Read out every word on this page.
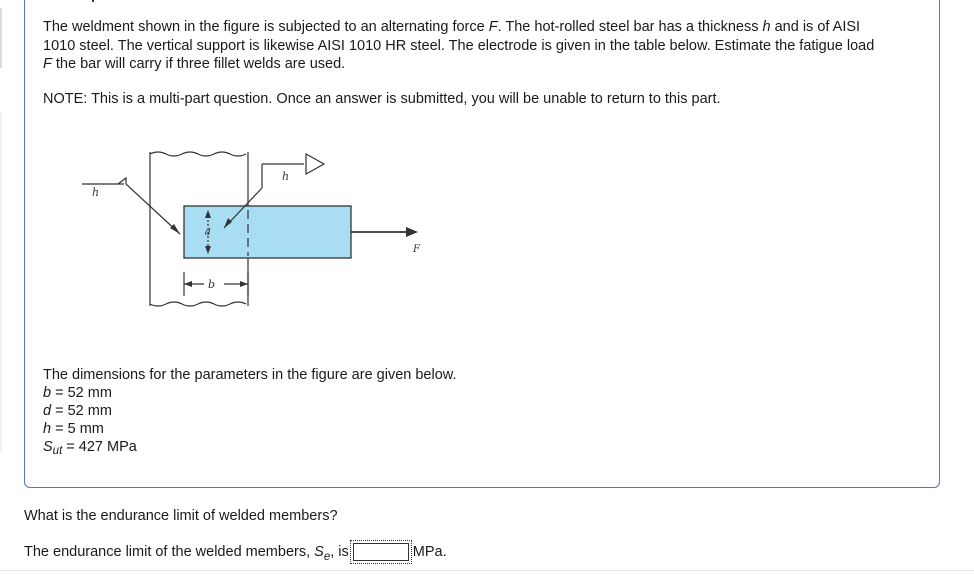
The weldment shown in the figure is subjected to an alternating force F. The hot-rolled steel bar has a thickness h and is of AISI 1010 steel. The vertical support is likewise AISI 1010 HR steel. The electrode is given in the table below. Estimate the fatigue load F the bar will carry if three fillet welds are used.

NOTE: This is a multi-part question. Once an answer is submitted, you will be unable to return to this part.

h
h
d
b
F
The dimensions for the parameters in the figure are given below.
b = 52 mm
d = 52 mm
h = 5 mm
$S_{ut} = 427$ MPa

What is the endurance limit of welded members?

The endurance limit of the welded members, $S_e$, is	MPa.
